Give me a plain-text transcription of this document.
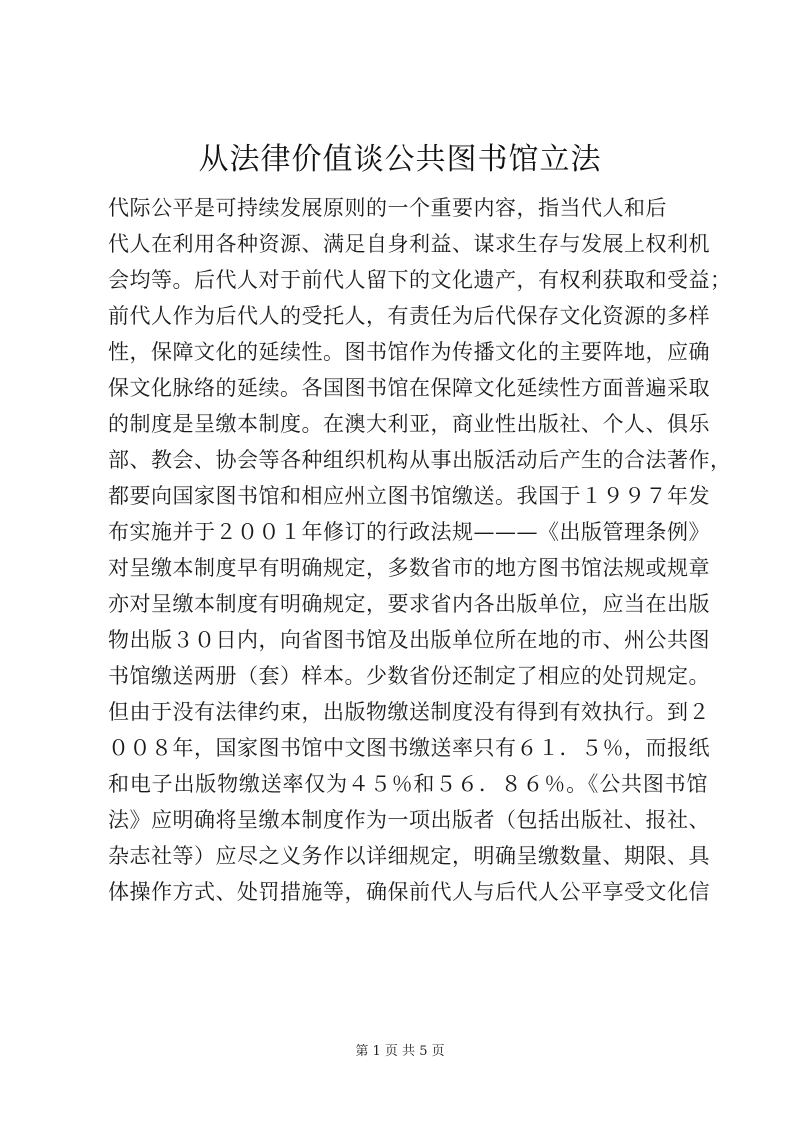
从法律价值谈公共图书馆立法
代际公平是可持续发展原则的一个重要内容，指当代人和后
代人在利用各种资源、满足自身利益、谋求生存与发展上权利机
会均等。后代人对于前代人留下的文化遗产，有权利获取和受益；
前代人作为后代人的受托人，有责任为后代保存文化资源的多样
性，保障文化的延续性。图书馆作为传播文化的主要阵地，应确
保文化脉络的延续。各国图书馆在保障文化延续性方面普遍采取
的制度是呈缴本制度。在澳大利亚，商业性出版社、个人、俱乐
部、教会、协会等各种组织机构从事出版活动后产生的合法著作，
都要向国家图书馆和相应州立图书馆缴送。我国于１９９７年发
布实施并于２００１年修订的行政法规———《出版管理条例》
对呈缴本制度早有明确规定，多数省市的地方图书馆法规或规章
亦对呈缴本制度有明确规定，要求省内各出版单位，应当在出版
物出版３０日内，向省图书馆及出版单位所在地的市、州公共图
书馆缴送两册（套）样本。少数省份还制定了相应的处罚规定。
但由于没有法律约束，出版物缴送制度没有得到有效执行。到２
００８年，国家图书馆中文图书缴送率只有６１．５％，而报纸
和电子出版物缴送率仅为４５％和５６．８６％。《公共图书馆
法》应明确将呈缴本制度作为一项出版者（包括出版社、报社、
杂志社等）应尽之义务作以详细规定，明确呈缴数量、期限、具
体操作方式、处罚措施等，确保前代人与后代人公平享受文化信
第 1 页 共 5 页
